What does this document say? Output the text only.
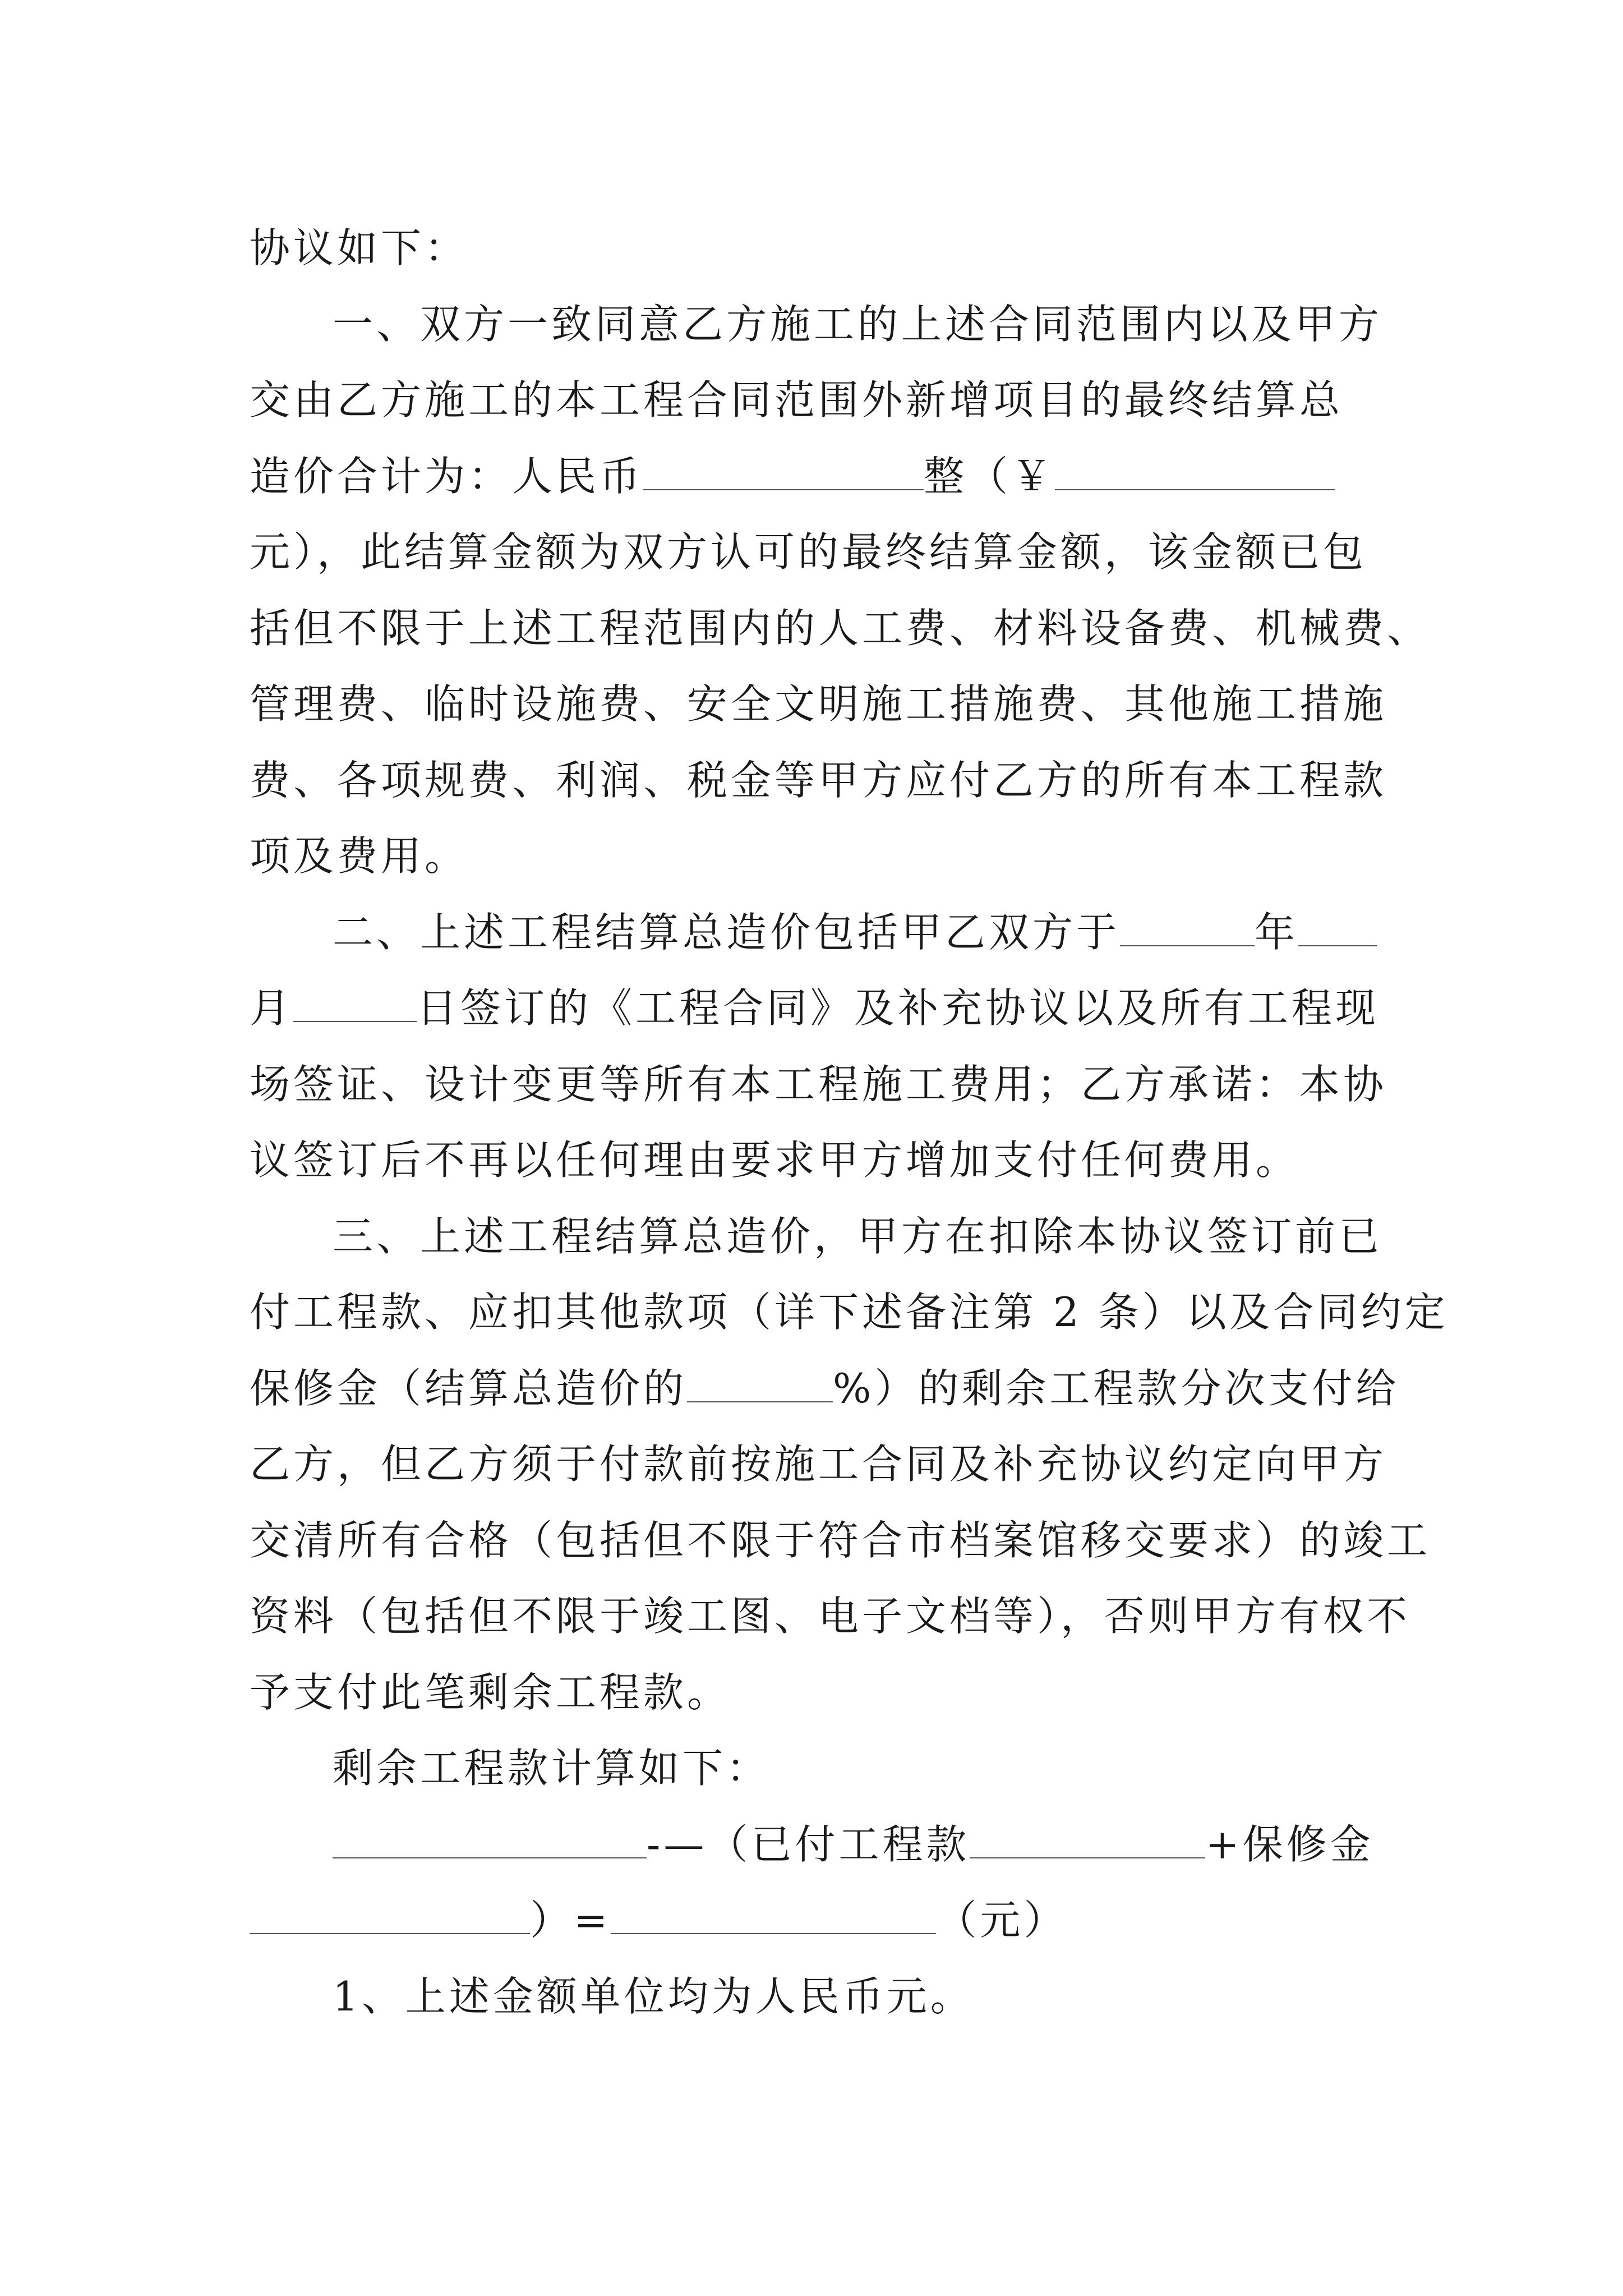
协议如下：
一、双方一致同意乙方施工的上述合同范围内以及甲方
交由乙方施工的本工程合同范围外新增项目的最终结算总
造价合计为：人民币	整（￥
元），此结算金额为双方认可的最终结算金额，该金额已包
括但不限于上述工程范围内的人工费、材料设备费、机械费、
管理费、临时设施费、安全文明施工措施费、其他施工措施
费、各项规费、利润、税金等甲方应付乙方的所有本工程款
项及费用。
二、上述工程结算总造价包括甲乙双方于	年
月	日签订的《工程合同》及补充协议以及所有工程现
场签证、设计变更等所有本工程施工费用；乙方承诺：本协
议签订后不再以任何理由要求甲方增加支付任何费用。
三、上述工程结算总造价，甲方在扣除本协议签订前已
付工程款、应扣其他款项（详下述备注第 2 条）以及合同约定
保修金（结算总造价的	%）的剩余工程款分次支付给
乙方，但乙方须于付款前按施工合同及补充协议约定向甲方
交清所有合格（包括但不限于符合市档案馆移交要求）的竣工
资料（包括但不限于竣工图、电子文档等），否则甲方有权不
予支付此笔剩余工程款。
剩余工程款计算如下：
-—（已付工程款	+保修金
）=	（元）
1、上述金额单位均为人民币元。
